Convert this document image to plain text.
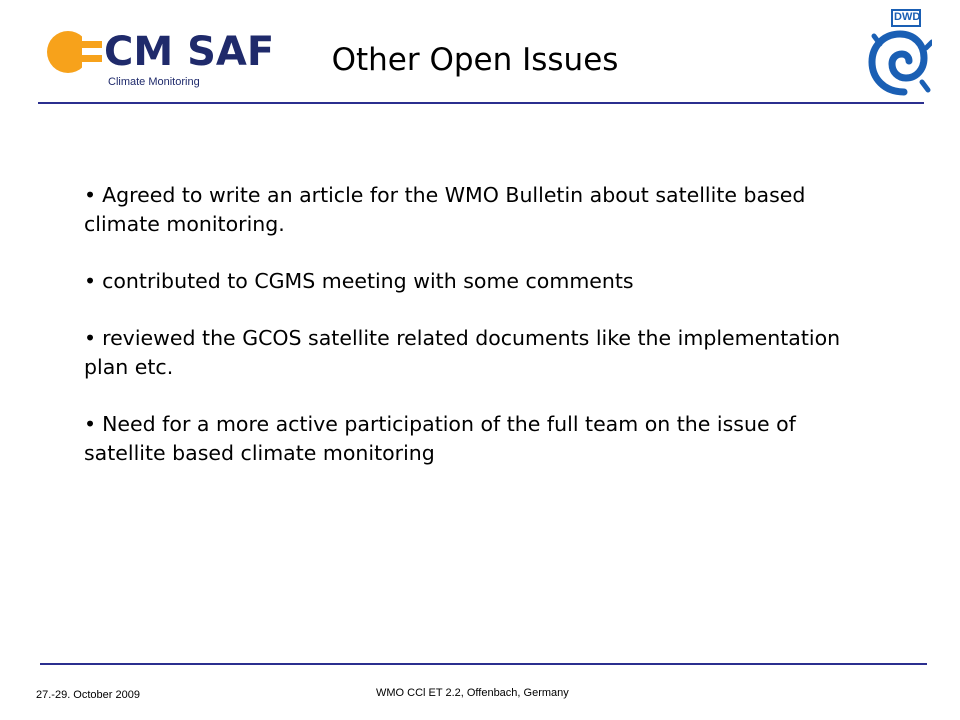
CM SAF
Climate Monitoring
Other Open Issues
DWD
• Agreed to write an article for the WMO Bulletin about satellite based climate monitoring.
• contributed to CGMS meeting with some comments
• reviewed the GCOS satellite related documents like the implementation plan etc.
• Need for a more active participation of the full team on the issue of satellite based climate monitoring
27.-29. October 2009	WMO CCl ET 2.2, Offenbach, Germany
